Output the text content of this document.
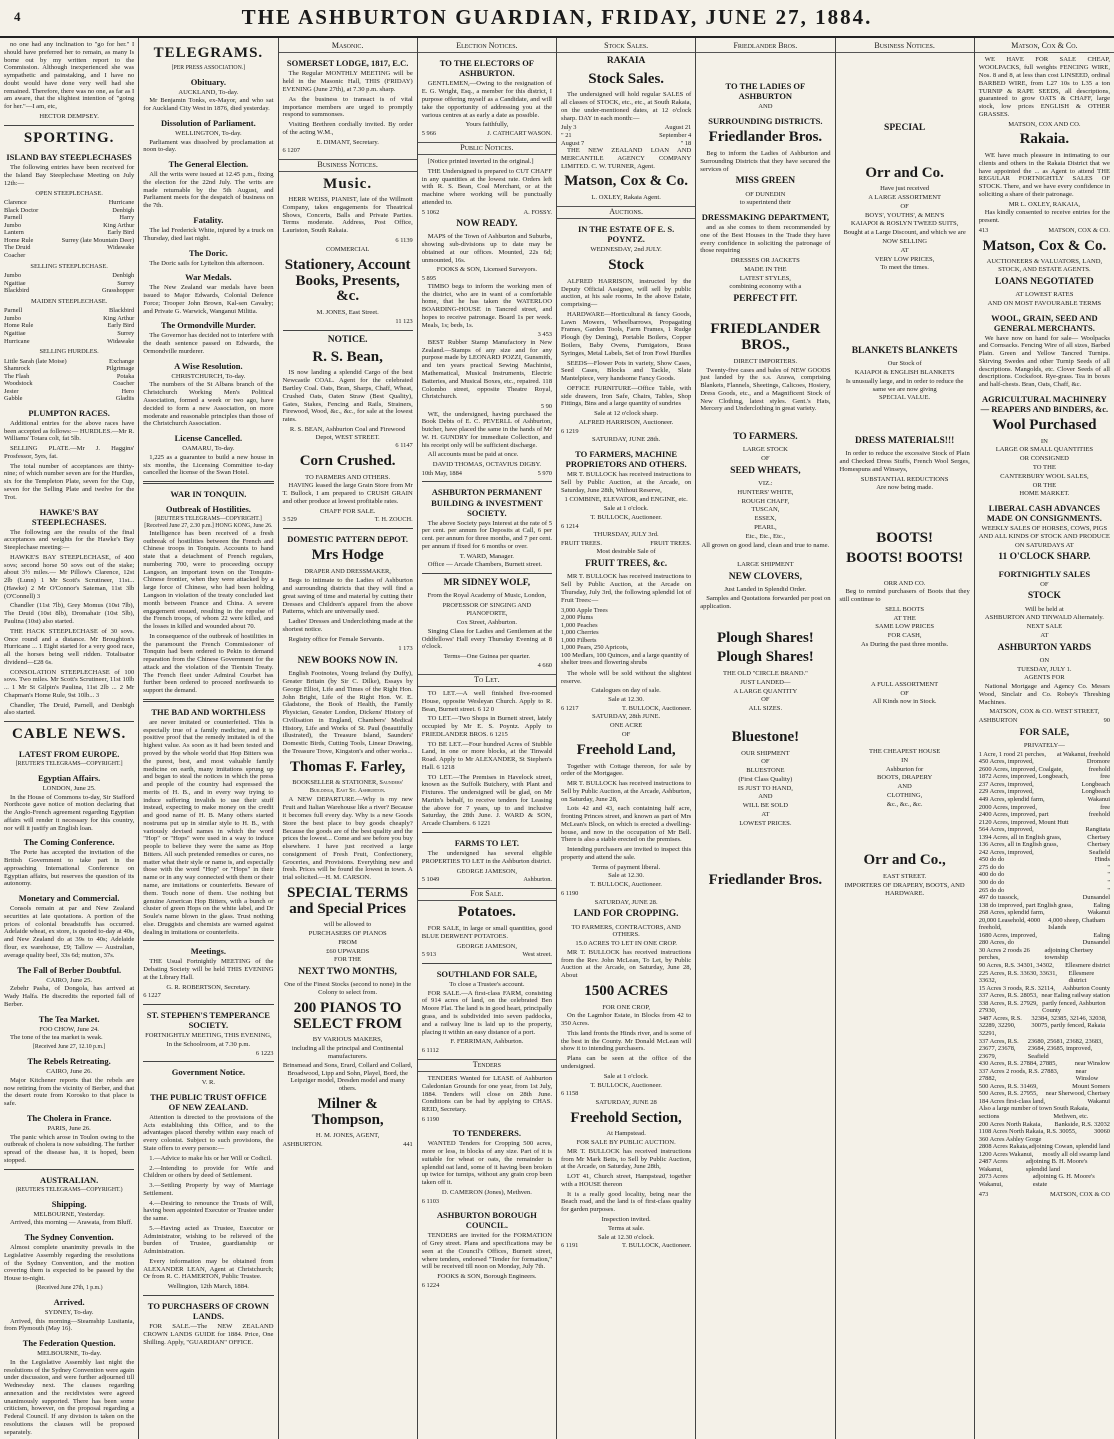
4	THE ASHBURTON GUARDIAN, FRIDAY, JUNE 27, 1884.
no one had any inclination to "go for her." I should have preferred her to remain, as many Is borne out by my written report to the Commission. Although inexperienced she was sympathetic and painstaking, and I have no doubt would have done very well had she remained. Therefore, there was no one, as far as I am aware, that the slightest intention of "going for her."—I am, etc,
HECTOR DEMPSEY.
SPORTING.
ISLAND BAY STEEPLECHASES
The following entries have been received for the Island Bay Steeplechase Meeting on July 12th:—
OPEN STEEPLECHASE.
Clarence	Hurricane
Black Doctor	Denbigh
Parnell	Harry
Jumbo	King Arthur
Lantern	Early Bird
Home Rule	Surrey (late Mountain Deer)
The Druid	Widawake
Coacher
SELLING STEEPLECHASE.
Jumbo	Denbigh
Ngaitiae	Surrey
Blackbird	Grasshopper
MAIDEN STEEPLECHASE.
Parnell	Blackbird
Jumbo	King Arthur
Home Rule	Early Bird
Ngaitiae	Surrey
Hurricane	Widawake
SELLING HURDLES.
Little Sarah (late Moise)	Exchange
Shamrock	Pilgrimage
The Flash	Potaka
Woodstock	Coacher
Jester	Hero
Gabble	Gladiis
PLUMPTON RACES.
Additional entries for the above races have been accepted as follows:— HURDLES.—Mr R. Williams' Totara colt, fat 5lb.
SELLING PLATE.—Mr J. Haggins' Prosfessor, 5yrs, fat.
The total number of acceptances are thirty-nine; of which number seven are for the Hurdles, six for the Templeton Plate, seven for the Cup, seven for the Selling Plate and twelve for the Trot.
HAWKE'S BAY STEEPLECHASES.
The following are the results of the final acceptances and weights for the Hawke's Bay Steeplechase meeting:—
HAWKE'S BAY STEEPLECHASE, of 400 sovs; second horse 50 sovs out of the stake; about 3½ miles.— Mr Pillow's Clarence, 12st 2lb (Lunn) 1 Mr Scott's Scrutineer, 11st...(Hawke) 2 Mr O'Connor's Sateman, 11st 3lb (O'Connell) 3
Chandler (11st 7lb), Grey Momus (10st 7lb), The Druid (10st 8lb), Dromahair (10st 5lb), Paulina (10st) also started.
THE HACK STEEPLECHASE of 30 sovs. Once round and a distance. Mr Broughton's Hurricane ... 1 Eight started for a very good race, all the horses being well ridden. Totalisator dividend—£28 6s.
CONSOLATION STEEPLECHASE of 100 sovs. Two miles. Mr Scott's Scrutineer, 11st 10lb ... 1 Mr St Gilpin's Paulina, 11st 2lb ... 2 Mr Chapman's Home Rule, 9st 10lb... 3
Chandler, The Druid, Parnell, and Denbigh also started.
CABLE NEWS.
LATEST FROM EUROPE.
[REUTER'S TELEGRAMS—COPYRIGHT.]
Egyptian Affairs.
LONDON, June 25.
In the House of Commons to-day, Sir Stafford Northcote gave notice of motion declaring that the Anglo-French agreement regarding Egyptian affairs will render it necessary for this country, nor will it justify an English loan.
The Coming Conference.
The Porte has accepted the invitation of the British Government to take part in the approaching International Conference on Egyptian affairs, but reserves the question of its autonomy.
Monetary and Commercial.
Consols remain at par and New Zealand securities at late quotations. A portion of the prices of colonial breadstuffs has occurred. Adelaide wheat, ex store, is quoted to-day at 40s, and New Zealand do at 39s to 40s; Adelaide flour, ex warehouse, £9; Tallow — Australian, average quality beef, 33s 6d; mutton, 37s.
The Fall of Berber Doubtful.
CAIRO, June 25.
Zebehr Pasha, of Dongola, has arrived at Wady Halfa. He discredits the reported fall of Berber.
The Tea Market.
FOO CHOW, June 24.
The tone of the tea market is weak.
[Received June 27, 12.10 p.m.]
The Rebels Retreating.
CAIRO, June 26.
Major Kitchener reports that the rebels are now retiring from the vicinity of Berber, and that the desert route from Korosko to that place is safe.
The Cholera in France.
PARIS, June 26.
The panic which arose in Toulon owing to the outbreak of cholera is now subsiding. The further spread of the disease has, it is hoped, been stopped.
AUSTRALIAN.
(REUTER'S TELEGRAMS—COPYRIGHT.)
Shipping.
MELBOURNE, Yesterday.
Arrived, this morning — Arawata, from Bluff.
The Sydney Convention.
Almost complete unanimity prevails in the Legislative Assembly regarding the resolutions of the Sydney Convention, and the motion covering them is expected to be passed by the House to-night.
(Received June 27th, 1 p.m.)
Arrived.
SYDNEY, To-day.
Arrived, this morning—Steamship Lusitania, from Plymouth (May 16).
The Federation Question.
MELBOURNE, To-day.
In the Legislative Assembly last night the resolutions of the Sydney Convention were again under discussion, and were further adjourned till Wednesday next. The clauses regarding annexation and the recidivistes were agreed unanimously supported. There has been some criticism, however, on the proposal regarding a Federal Council. If any division is taken on the resolutions the clauses will be proposed separately.
TELEGRAMS.
[PER PRESS ASSOCIATION.]
Obituary.
AUCKLAND, To-day.
Mr Benjamin Tonks, ex-Mayor, and who sat for Auckland City West in 1876, died yesterday.
Dissolution of Parliament.
WELLINGTON, To-day.
Parliament was dissolved by proclamation at noon to-day.
The General Election.
All the writs were issued at 12.45 p.m., fixing the election for the 22nd July. The writs are made returnable by the 5th August, and Parliament meets for the despatch of business on the 7th.
Fatality.
The lad Frederick White, injured by a truck on Thursday, died last night.
The Doric.
The Doric sails for Lyttelton this afternoon.
War Medals.
The New Zealand war medals have been issued to Major Edwards, Colonial Defence Force; Trooper John Brown, Kal-sen Cavalry; and Private G. Warwick, Wanganui Militia.
The Ormondville Murder.
The Governor has decided not to interfere with the death sentence passed on Edwards, the Ormondville murderer.
A Wise Resolution.
CHRISTCHURCH, To-day.
The numbers of the St Albans branch of the Christchurch Working Men's Political Association, formed a week or two ago, have decided to form a new Association, on more moderate and reasonable principles than those of the Christchurch Association.
License Cancelled.
OAMARU, To-day.
1,225 as a guarantee to build a new house in six months, the Licensing Committee to-day cancelled the license of the Swan Hotel.
WAR IN TONQUIN.
Outbreak of Hostilities.
[REUTER'S TELEGRAMS—COPYRIGHT.] [Received June 27, 2.30 p.m.] HONG KONG, June 26.
Intelligence has been received of a fresh outbreak of hostilities between the French and Chinese troops in Tonquin. Accounts to hand state that a detachment of French regulars, numbering 700, were to proceeding occupy Langson, an important town on the Tonquin-Chinese frontier, when they were attacked by a large force of Chinese, who had been holding Langson in violation of the treaty concluded last month between France and China. A severe engagement ensued, resulting in the repulse of the French troops, of whom 22 were killed, and the losses in killed and wounded about 70.
In consequence of the outbreak of hostilities in the paramount the French Commissioner of Tonquin had been ordered to Pekin to demand reparation from the Chinese Government for the attack and the violation of the Tientsin Treaty. The French fleet under Admiral Courbet has further been ordered to proceed northwards to support the demand.
THE BAD AND WORTHLESS
are never imitated or counterfeited. This is especially true of a family medicine, and it is positive proof that the remedy imitated is of the highest value. As soon as it had been tested and proved by the whole world that Hop Bitters was the purest, best, and most valuable family medicine on earth, many imitations sprung up and began to steal the notices in which the press and people of the country had expressed the merits of H. B., and in every way trying to induce suffering invalids to use their stuff instead, expecting to make money on the credit and good name of H. B. Many others started nostrums put up in similar style to H. B., with variously devised names in which the word "Hop" or "Hops" were used in a way to induce people to believe they were the same as Hop Bitters. All such pretended remedies or cures, no matter what their style or name is, and especially those with the word "Hop" or "Hops" in their name or in any way connected with them or their name, are imitations or counterfeits. Beware of them. Touch none of them. Use nothing but genuine American Hop Bitters, with a bunch or cluster of green Hops on the white label, and Dr Soule's name blown in the glass. Trust nothing else. Druggists and chemists are warned against dealing in imitations or counterfeits.
Meetings.
THE Usual Fortnightly MEETING of the Debating Society will be held THIS EVENING at the Library Hall.
G. R. ROBERTSON, Secretary.
6 1227
ST. STEPHEN'S TEMPERANCE SOCIETY.
FORTNIGHTLY MEETING, THIS EVENING,
In the Schoolroom, at 7.30 p.m.
6 1223
Government Notice.
V. R.
THE PUBLIC TRUST OFFICE OF NEW ZEALAND.
Attention is directed to the provisions of the Acts establishing this Office, and to the advantages placed thereby within easy reach of every colonist. Subject to such provisions, the State offers to every person:—
1.—Advice to make his or her Will or Codicil.
2.—Intending to provide for Wife and Children or others by deed of Settlement.
3.—Settling Property by way of Marriage Settlement.
4.—Desiring to renounce the Trusts of Will, having been appointed Executor or Trustee under the same.
5.—Having acted as Trustee, Executor or Administrator, wishing to be relieved of the burden of Trustee, guardianship or Administration.
Every information may be obtained from ALEXANDER LEAN, Agent at Christchurch; Or from R. C. HAMERTON, Public Trustee.
Wellington, 12th March, 1884.
TO PURCHASERS OF CROWN LANDS.
FOR SALE.—The NEW ZEALAND CROWN LANDS GUIDE for 1884. Price, One Shilling. Apply, "GUARDIAN" OFFICE.
Masonic.
SOMERSET LODGE, 1817, E.C.
The Regular MONTHLY MEETING will be held in the Masonic Hall, THIS (FRIDAY) EVENING (June 27th), at 7.30 p.m. sharp.
As the business to transact is of vital importance members are urged to promptly respond to summonses.
Visiting Brethren cordially invited. By order of the acting W.M.,
E. DIMANT, Secretary.
6 1207
Business Notices.
Music.
HERR WEISS, PIANIST, late of the Willmott Company, takes engagements for Theatrical Shows, Concerts, Balls and Private Parties. Terms moderate. Address, Post Office, Lauriston, South Rakaia.
6 1139
COMMERCIAL
Stationery, Account Books, Presents, &c.
M. JONES, East Street.
11 123
NOTICE.
R. S. Bean,
IS now landing a splendid Cargo of the best Newcastle COAL. Agent for the celebrated Bartley Coal. Oats, Bran, Sharps, Chaff, Wheat, Crushed Oats, Oaten Straw (Best Quality), Gates, Stakes, Fencing and Rails, Strainers, Firewood, Wood, &c., &c., for sale at the lowest rates.
R. S. BEAN, Ashburton Coal and Firewood Depot, WEST STREET.
6 1147
Corn Crushed.
TO FARMERS AND OTHERS.
HAVING leased the large Grain Store from Mr T. Bullock, I am prepared to CRUSH GRAIN and other produce at lowest profitable rates.
CHAFF FOR SALE.
3 529	T. H. ZOUCH.
DOMESTIC PATTERN DEPOT.
Mrs Hodge
DRAPER AND DRESSMAKER,
Begs to intimate to the Ladies of Ashburton and surrounding districts that they will find a great saving of time and material by cutting their Dresses and Children's apparel from the above Patterns, which are universally used.
Ladies' Dresses and Underclothing made at the shortest notice.
Registry office for Female Servants.
1 173
NEW BOOKS NOW IN.
English Footnotes, Young Ireland (by Duffy), Greater Britain (by Sir C. Dilke), Essays by George Elliot, Life and Times of the Right Hon. John Bright, Life of the Right Hon. W. E. Gladstone, the Book of Health, the Family Physician, Greater London, Dickens' History of Civilisation in England, Chambers' Medical History, Life and Works of St. Paul (beautifully illustrated), the Treasure Island, Saunders' Domestic Birds, Cutting Tools, Linear Drawing, the Treasure Trove, Kingston's and other works...
Thomas F. Farley,
BOOKSELLER & STATIONER, Saunders' Buildings, East St. Ashburton.
A NEW DEPARTURE.—Why is my new Fruit and Italian Warehouse like a river? Because it becomes full every day. Why is a new Goods Store the best place to buy goods cheaply? Because the goods are of the best quality and the prices the lowest... Come and see before you buy elsewhere. I have just received a large consignment of Fresh Fruit, Confectionery, Groceries, and Provisions. Everything new and fresh. Prices will be found the lowest in town. A trial solicited.—H. M. CARSON.
SPECIAL TERMS and Special Prices
will be allowed to
PURCHASERS OF PIANOS
FROM
£60 UPWARDS
FOR THE
NEXT TWO MONTHS,
One of the Finest Stocks (second to none) in the Colony to select from.
200 PIANOS TO SELECT FROM
BY VARIOUS MAKERS,
including all the principal and Continental manufacturers.
Brinsmead and Sons, Erard, Collard and Collard, Broadwood, Lipp and Sohn, Playel, Bord, the Leipziger model, Dresden model and many others.
Milner & Thompson,
H. M. JONES, AGENT,
ASHBURTON.	441
Election Notices.
TO THE ELECTORS OF ASHBURTON.
GENTLEMEN,—Owing to the resignation of E. G. Wright, Esq., a member for this district, I purpose offering myself as a Candidate, and will take the opportunity of addressing you at the various centres at as early a date as possible.
Yours faithfully,
5 966	J. CATHCART WASON.
Public Notices.
[Notice printed inverted in the original.]
THE Undersigned is prepared to CUT CHAFF in any quantities at the lowest rate. Orders left with R. S. Bean, Coal Merchant, or at the machine where working will be punctually attended to.
5 1062	A. FOSSY.
NOW READY.
MAPS of the Town of Ashburton and Suburbs, showing sub-divisions up to date may be obtained at our offices. Mounted, 22s 6d; unmounted, 16s.
FOOKS & SON, Licensed Surveyors.
5 895
TIMBO begs to inform the working men of the district, who are in want of a comfortable home, that he has taken the WATERLOO BOARDING-HOUSE in Tancred street, and hopes to receive patronage. Board 1s per week. Meals, 1s; beds, 1s.
3 453
BEST Rubber Stamp Manufactory in New Zealand.—Stamps of any size and for any purpose made by LEONARD POZZI, Gunsmith, and ten years practical Sewing Machinist, Mathematical, Musical Instruments, Electric Batteries, and Musical Boxes, etc., repaired. 118 Colombo street, opposite Theatre Royal, Christchurch.
5 90
WE, the undersigned, having purchased the Book Debts of E. C. PEVERLL of Ashburton, butcher, have placed the same in the hands of Mr W. H. GUNDRY for immediate Collection, and his receipt only will be sufficient discharge.
All accounts must be paid at once.
DAVID THOMAS, OCTAVIUS DIGBY.
10th May, 1884	5 970
ASHBURTON PERMANENT BUILDING & INVESTMENT SOCIETY.
The above Society pays Interest at the rate of 5 per cent. per annum for Deposits at Call, 6 per cent. per annum for three months, and 7 per cent. per annum if fixed for 6 months or over.
T. WARD, Manager.
Office — Arcade Chambers, Burnett street.
MR SIDNEY WOLF,
From the Royal Academy of Music, London,
PROFESSOR OF SINGING AND PIANOFORTE,
Cox Street, Ashburton.
Singing Class for Ladies and Gentlemen at the Oddfellows' Hall every Thursday Evening at 8 o'clock.
Terms—One Guinea per quarter.
4 660
To Let.
TO LET.—A well finished five-roomed House, opposite Wesleyan Church. Apply to R. Bean, Burnett street. 6 12 0
TO LET.—Two Shops in Burnett street, lately occupied by Mr E. S. Poyntz. Apply to FRIEDLANDER BROS. 6 1215
TO BE LET.—Four hundred Acres of Stubble Land, in one or more blocks, at the Tinwald Road. Apply to Mr ALEXANDER, St Stephen's Hall. 6 1218
TO LET.—The Premises in Havelock street, known as the Suffolk Butchery, with Plant and Fixtures. The undersigned will be glad, on Mr Martin's behalf, to receive tenders for Leasing the above for 7 years, up to and inclusive Saturday, the 28th June. J. WARD & SON, Arcade Chambers. 6 1221
FARMS TO LET.
The undersigned has several eligible PROPERTIES TO LET in the Ashburton district.
GEORGE JAMESON,
5 1049	Ashburton.
For Sale.
Potatoes.
FOR SALE, in large or small quantities, good BLUE DERWENT POTATOES.
GEORGE JAMESON,
5 913	West street.
SOUTHLAND FOR SALE,
To close a Trustee's account.
FOR SALE.—A first-class FARM, consisting of 914 acres of land, on the celebrated Ben Moore Flat. The land is in good heart, principally grass, and is subdivided into seven paddocks, and a railway line is laid up to the property, placing it within an easy distance of a port.
F. FERRIMAN, Ashburton.
6 1112
Tenders
TENDERS Wanted for LEASE of Ashburton Caledonian Grounds for one year, from 1st July, 1884. Tenders will close on 28th June. Conditions can be had by applying to CHAS. REID, Secretary.
6 1190
TO TENDERERS.
WANTED Tenders for Cropping 500 acres, more or less, in blocks of any size. Part of it is suitable for wheat or oats, the remainder is splendid oat land, some of it having been broken up twice for turnips, without any grain crop been taken off it.
D. CAMERON (Jones), Methven.
6 1103
ASHBURTON BOROUGH COUNCIL.
TENDERS are invited for the FORMATION of Grey street. Plans and specifications may be seen at the Council's Offices, Burnett street, where tenders, endorsed "Tender for formation," will be received till noon on Monday, July 7th.
FOOKS & SON, Borough Engineers.
6 1224
Stock Sales.
RAKAIA
Stock Sales.
The undersigned will hold regular SALES of all classes of STOCK, etc., etc., at South Rakaia, on the under-mentioned dates, at 12 o'clock sharp. DAY in each month:—
July 3	August 21
" 21	September 4
August 7	" 18
THE NEW ZEALAND LOAN AND MERCANTILE AGENCY COMPANY LIMITED. C. W. TURNER, Agent.
Matson, Cox & Co.
L. OXLEY, Rakaia Agent.
Auctions.
IN THE ESTATE OF E. S. POYNTZ.
WEDNESDAY, 2nd JULY.
Stock
ALFRED HARRISON, instructed by the Deputy Official Assignee, will sell by public auction, at his sale rooms, In the above Estate, comprising—
HARDWARE—Horticultural & fancy Goods, Lawn Mowers, Wheelbarrows, Propagating Frames, Garden Tools, Farm Frames, 1 Rudge Plough (by Dening), Portable Boilers, Copper Boilers, Baby Ovens, Fumigators, Brass Syringes, Metal Labels, Set of Iron Fowl Hurdles
SEEDS—Flower Pots in variety, Show Cases, Seed Cases, Blocks and Tackle, Slate Mantelpiece, very handsome Fancy Goods.
OFFICE FURNITURE—Office Table, with side drawers, Iron Safe, Chairs, Tables, Shop Fittings, Bins and a large quantity of sundries
Sale at 12 o'clock sharp.
ALFRED HARRISON, Auctioneer.
6 1219
SATURDAY, JUNE 28th.
TO FARMERS, MACHINE PROPRIETORS AND OTHERS.
MR T. BULLOCK has received instructions to Sell by Public Auction, at the Arcade, on Saturday, June 28th, Without Reserve,
1 COMBINE, ELEVATOR, and ENGINE, etc.
Sale at 1 o'clock.
T. BULLOCK, Auctioneer.
6 1214
THURSDAY, JULY 3rd.
FRUIT TREES.	FRUIT TREES.
Most desirable Sale of
FRUIT TREES, &c.
MR T. BULLOCK has received instructions to Sell by Public Auction, at the Arcade on Thursday, July 3rd, the following splendid lot of Fruit Trees:—
3,000 Apple Trees
2,000 Plums
1,000 Peaches
1,000 Cherries
1,000 Filberts
1,000 Pears, 250 Apricots,
100 Medlars, 100 Quinces, and a large quantity of shelter trees and flowering shrubs
The whole will be sold without the slightest reserve.
Catalogues on day of sale.
Sale at 12.30.
6 1217	T. BULLOCK, Auctioneer.
SATURDAY, 28th JUNE.
ONE ACRE
OF
Freehold Land,
Together with Cottage thereon, for sale by order of the Mortgagee.
MR T. BULLOCK has received instructions to Sell by Public Auction, at the Arcade, Ashburton, on Saturday, June 28,
Lots 42 and 43, each containing half acre, fronting Princes street, and known as part of Mrs McLean's Block, on which is erected a dwelling-house, and now in the occupation of Mr Bell. There is also a stable erected on the premises.
Intending purchasers are invited to inspect this property and attend the sale.
Terms of payment liberal.
Sale at 12.30.
T. BULLOCK, Auctioneer.
6 1190
SATURDAY, JUNE 28.
LAND FOR CROPPING.
TO FARMERS, CONTRACTORS, AND OTHERS.
15.0 ACRES TO LET IN ONE CROP.
MR T. BULLOCK has received instructions from the Rev. John McLean, To Let, by Public Auction at the Arcade, on Saturday, June 28, About
1500 ACRES
FOR ONE CROP,
On the Lagmhor Estate, in Blocks from 42 to 350 Acres.
This land fronts the Hinds river, and is some of the best in the County. Mr Donald McLean will show it to intending purchasers.
Plans can be seen at the office of the undersigned.
Sale at 1 o'clock.
T. BULLOCK, Auctioneer.
6 1158
SATURDAY, JUNE 28
Freehold Section,
At Hampstead.
FOR SALE BY PUBLIC AUCTION.
MR T. BULLOCK has received instructions from Mr Mark Betts, to Sell by Public Auction, at the Arcade, on Saturday, June 28th,
LOT 41, Church street, Hampstead, together with a HOUSE thereon
It is a really good locality, being near the Beach road, and the land is of first-class quality for garden purposes.
Inspection invited.
Terms at sale.
Sale at 12.30 o'clock.
6 1191	T. BULLOCK, Auctioneer.
Friedlander Bros.
TO THE LADIES OF ASHBURTON
AND
SURROUNDING DISTRICTS.
Friedlander Bros.
Beg to inform the Ladies of Ashburton and Surrounding Districts that they have secured the services of
MISS GREEN
OF DUNEDIN
to superintend their
DRESSMAKING DEPARTMENT,
and as she comes to them recommended by one of the Best Houses in the Trade they have every confidence in soliciting the patronage of those requiring
DRESSES OR JACKETS
MADE IN THE
LATEST STYLES,
combining economy with a
PERFECT FIT.
FRIEDLANDER BROS.,
DIRECT IMPORTERS.
Twenty-five cases and bales of NEW GOODS just landed by the s.s. Arawa, comprising Blankets, Flannels, Sheetings, Calicoes, Hosiery, Dress Goods, etc., and a Magnificent Stock of New Clothing, latest styles. Gent.'s Hats, Mercery and Underclothing in great variety.
TO FARMERS.
LARGE STOCK
OF
SEED WHEATS,
VIZ.:
HUNTERS' WHITE,
ROUGH CHAFF,
TUSCAN,
ESSEX,
PEARL,
Etc., Etc., Etc.,
All grown on good land, clean and true to name.
LARGE SHIPMENT
NEW CLOVERS,
Just Landed in Splendid Order.
Samples and Quotations forwarded per post on application.
Plough Shares!
Plough Shares!
THE OLD "CIRCLE BRAND."
JUST LANDED—
A LARGE QUANTITY
OF
ALL SIZES.
Bluestone!
OUR SHIPMENT
OF
BLUESTONE
(First Class Quality)
IS JUST TO HAND,
AND
WILL BE SOLD
AT
LOWEST PRICES.
Friedlander Bros.
Business Notices.
SPECIAL
Orr and Co.
Have just received
A LARGE ASSORTMENT
OF
BOYS', YOUTHS', & MEN'S
KAIAPOI & ROSLYN TWEED SUITS,
Bought at a Large Discount, and which we are
NOW SELLING
AT
VERY LOW PRICES,
To meet the times.
BLANKETS BLANKETS
Our Stock of
KAIAPOI & ENGLISH BLANKETS
Is unusually large, and in order to reduce the same we are now giving
SPECIAL VALUE.
DRESS MATERIALS!!!
In order to reduce the excessive Stock of Plain and Checked Dress Stuffs, French Wool Serges, Homespuns and Winseys,
SUBSTANTIAL REDUCTIONS
Are now being made.
BOOTS!
BOOTS! BOOTS!
ORR AND CO.
Beg to remind purchasers of Boots that they still continue to
SELL BOOTS
AT THE
SAME LOW PRICES
FOR CASH,
As During the past three months.
A FULL ASSORTMENT
OF
All Kinds now in Stock.
THE CHEAPEST HOUSE
IN
Ashburton for
BOOTS, DRAPERY
AND
CLOTHING,
&c., &c., &c.
Orr and Co.,
EAST STREET.
IMPORTERS OF DRAPERY, BOOTS, AND HARDWARE.
Matson, Cox & Co.
WE HAVE FOR SALE CHEAP, WOOLPACKS, full weights FENCING WIRE, Nos. 8 and 8, at less than cost LINSEED, ordinal BARBED WIRE, from L27 10s to L35 a ton TURNIP & RAPE SEEDS, all descriptions, guaranteed to grow OATS & CHAFF, large stock, low prices ENGLISH & OTHER GRASSES.
MATSON, COX AND CO.
Rakaia.
WE have much pleasure in intimating to our clients and others in the Rakaia District that we have appointed the ... as Agent to attend THE REGULAR FORTNIGHTLY SALES OF STOCK. There, and we have every confidence in soliciting a share of their patronage.
MR L. OXLEY, RAKAIA,
Has kindly consented to receive entries for the present.
413	MATSON, COX & CO.
Matson, Cox & Co.
AUCTIONEERS & VALUATORS, LAND, STOCK, AND ESTATE AGENTS.
LOANS NEGOTIATED
AT LOWEST RATES
AND ON MOST FAVOURABLE TERMS
WOOL, GRAIN, SEED AND GENERAL MERCHANTS.
We have now on hand for sale— Woolpacks and Cornsacks. Fencing Wire of all sizes, Barbed Plain. Green and Yellow Tancred Turnips. Skirving Swedes and other Turnip Seeds of all descriptions. Mangolds, etc. Clover Seeds of all descriptions. Cocksfoot. Rye-grass. Tea in boxes and half-chests. Bran, Oats, Chaff, &c.
AGRICULTURAL MACHINERY— REAPERS AND BINDERS, &c.
Wool Purchased
IN
LARGE OR SMALL QUANTITIES
OR CONSIGNED
TO THE
CANTERBURY WOOL SALES,
OR THE
HOME MARKET.
LIBERAL CASH ADVANCES MADE ON CONSIGNMENTS.
WEEKLY SALES OF HORSES, COWS, PIGS AND ALL KINDS OF STOCK AND PRODUCE
ON SATURDAYS AT
11 O'CLOCK SHARP.
FORTNIGHTLY SALES
OF
STOCK
Will be held at
ASHBURTON AND TINWALD Alternately.
NEXT SALE
AT
ASHBURTON YARDS
ON
TUESDAY, JULY 1.
AGENTS FOR
National Mortgage and Agency Co. Messrs Wood, Sinclair and Co. Robey's Threshing Machines.
MATSON, COX & CO. WEST STREET,
ASHBURTON	90
FOR SALE,
PRIVATELY—
1 Acre, 1 rood 21 perches, at Wakanui, freehold
450 Acres, improved,	Dromore
2600 Acres, improved, Coalgate,	freehold
1872 Acres, improved, Longbeach,	free
237 Acres, improved,	Longbeach
229 Acres, improved,	Longbeach
449 Acres, splendid farm,	Wakanui
2000 Acres, improved,	free
2400 Acres, improved, part	freehold
2120 Acres, improved, Mount Hutt
564 Acres, improved,	Rangitata
1394 Acres, all in English grass,	Chertsey
136 Acres, all in English grass,	Chertsey
242 Acres, improved,	Seafield
450 do do	Hinds
275 do do	"
400 do do	"
300 do do	"
265 do do	"
497 do tussock,	Dunsandel
138 do improved, part English grass,	Ealing
268 Acres, splendid farm,	Wakanui
20,000 Leasehold, 4000 freehold,
4,000 sheep, Chatham Islands
1680 Acres, improved,	Ealing
280 Acres, do	Dunsandel
30 Acres 2 roods 26 perches,
adjoining Chertsey township
90 Acres, R.S. 34301, 34302, Ellesmere district
225 Acres, R.S. 33630, 33631, 33632,
Ellesmere district
15 Acres 3 roods, R.S. 32114, Ashburton County
337 Acres, R.S. 28053, near Ealing railway station
338 Acres, R.S. 27929, 27930,
partly fenced, Ashburton County
3487 Acres, R.S. 32289, 32290, 32291,
32384, 32385, 32146, 32038, 30075, partly fenced, Rakaia
337 Acres, R.S. 23677, 23678, 23679,
23680, 25681, 23682, 23683, 23684, 23685, improved, Seafield
430 Acres, R.S. 27884, 27885,	near Winslow
337 Acres 2 roods, R.S. 27883, 27882,
near Winslow
500 Acres, R.S. 31469,	Mount Somers
500 Acres, R.S. 27955, near Sherwood, Chertsey
184 Acres first-class land,	Wakanui
Also a large number of town sections
South Rakaia, Methven, etc.
200 Acres North Rakaia, Bankside, R.S. 32032
1108 Acres North Rakaia, R.S. 30055,	30060
360 Acres Ashley Gorge
2808 Acres Rakaia, adjoining Cowan, splendid land
1200 Acres Wakanui, mostly all old swamp land
2487 Acres Wakanui,
adjoining B. H. Moore's splendid land
2073 Acres Wakanui,
adjoining G. H. Moore's estate
473	MATSON, COX & CO
